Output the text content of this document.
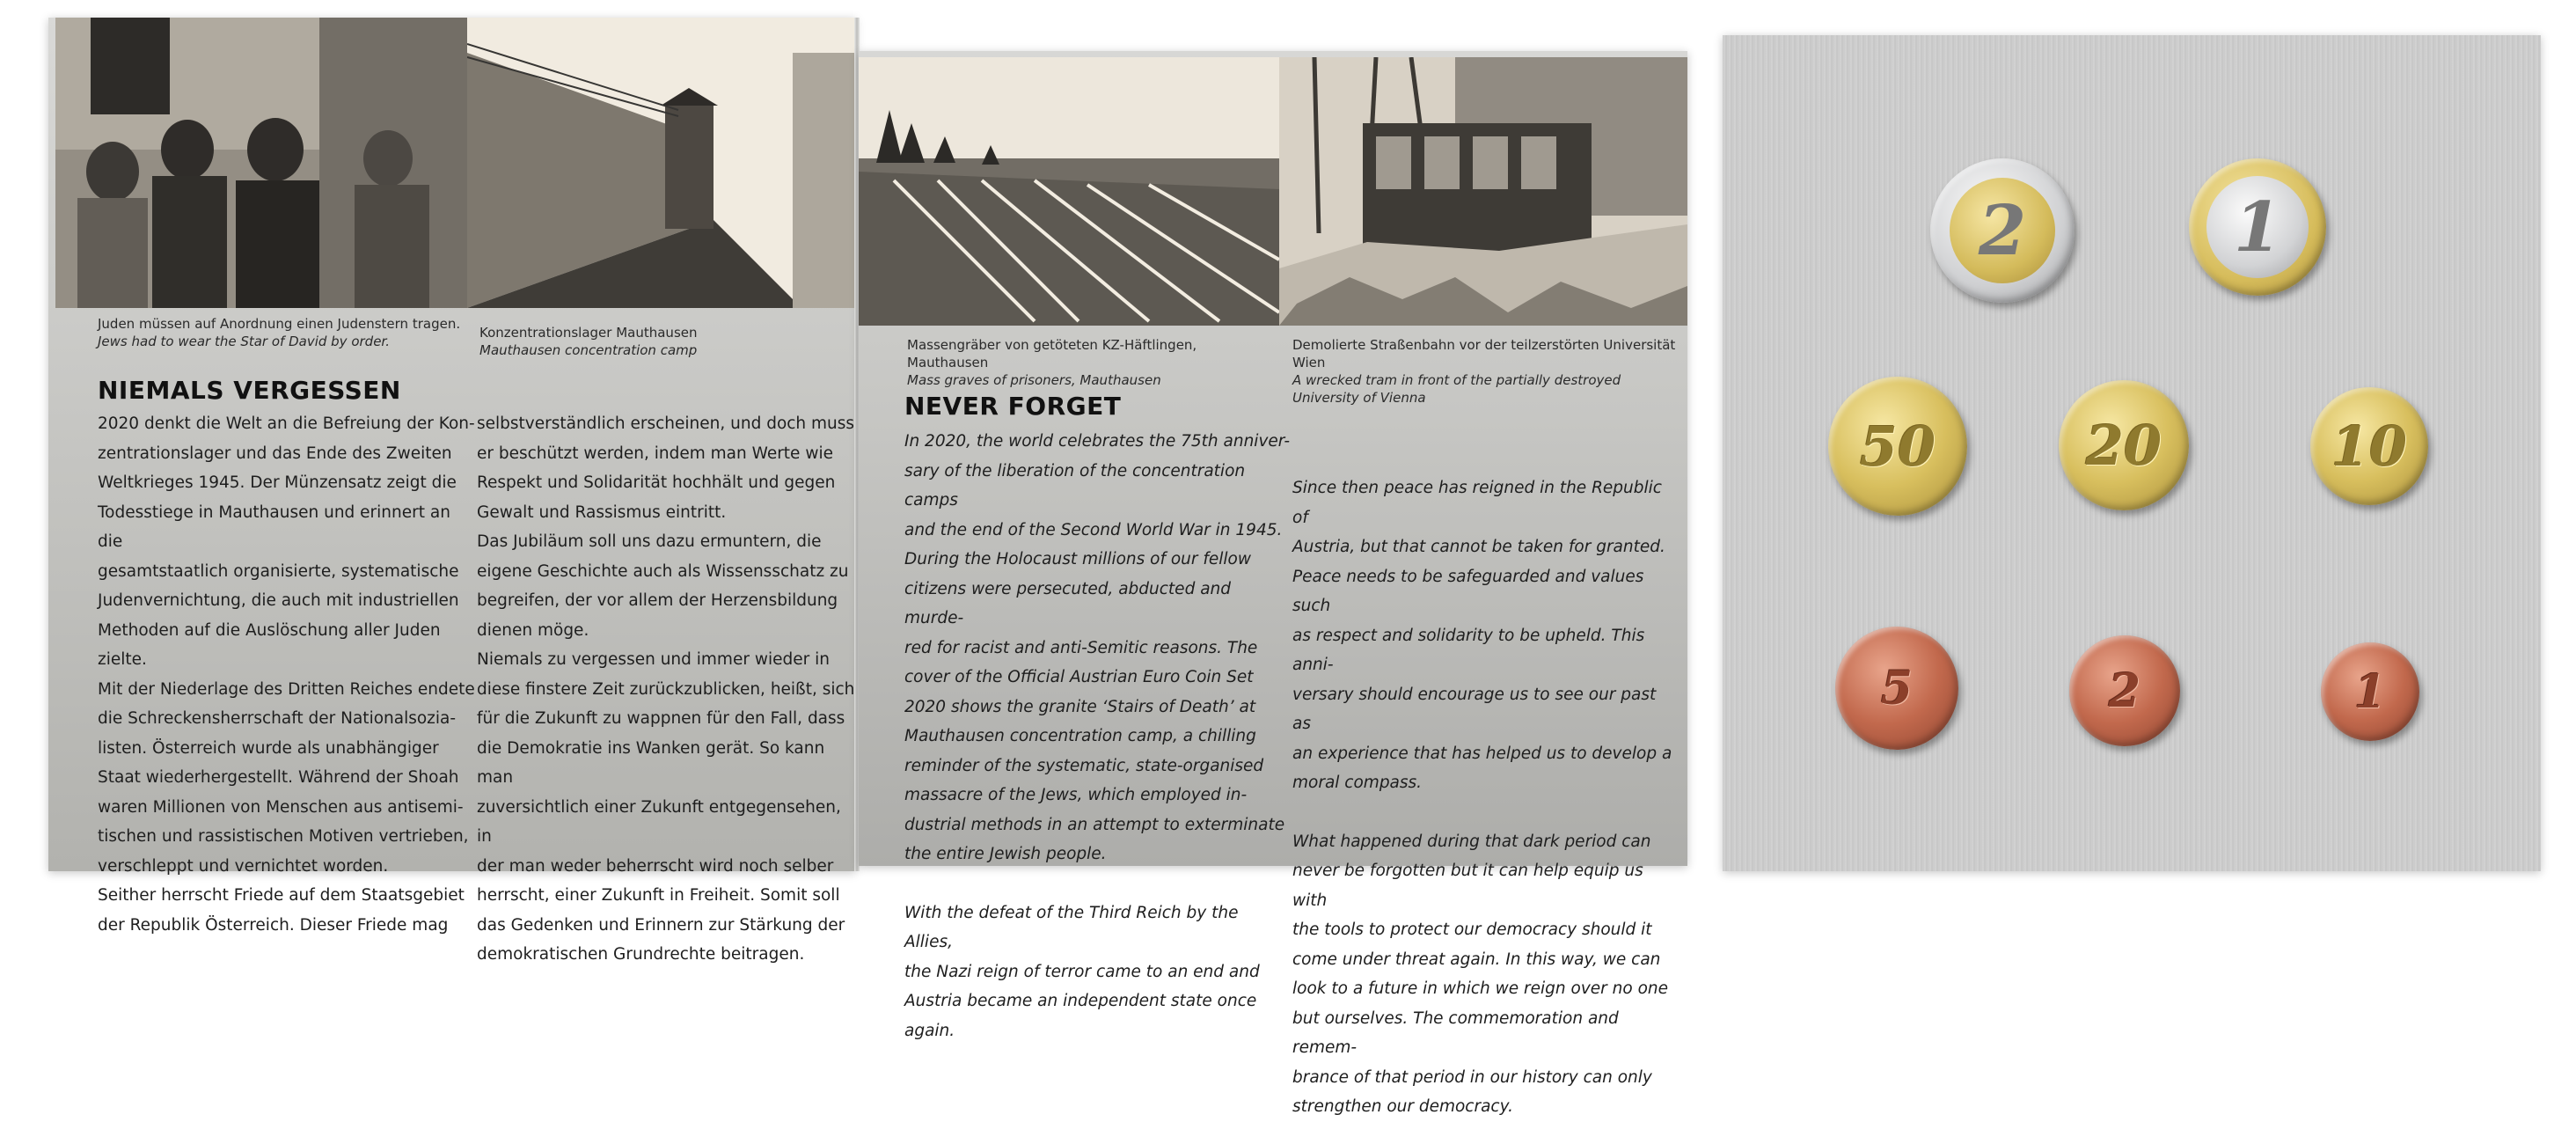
Juden müssen auf Anordnung einen Judenstern tragen.
Jews had to wear the Star of David by order.
Konzentrationslager Mauthausen
Mauthausen concentration camp
NIEMALS VERGESSEN

2020 denkt die Welt an die Befreiung der Kon-

zentrationslager und das Ende des Zweiten

Weltkrieges 1945. Der Münzensatz zeigt die

Todesstiege in Mauthausen und erinnert an die

gesamtstaatlich organisierte, systematische

Judenvernichtung, die auch mit industriellen

Methoden auf die Auslöschung aller Juden

zielte.

Mit der Niederlage des Dritten Reiches endete

die Schreckensherrschaft der Nationalsozia-

listen. Österreich wurde als unabhängiger

Staat wiederhergestellt. Während der Shoah

waren Millionen von Menschen aus antisemi-

tischen und rassistischen Motiven vertrieben,

verschleppt und vernichtet worden.

Seither herrscht Friede auf dem Staatsgebiet

der Republik Österreich. Dieser Friede mag

selbstverständlich erscheinen, und doch muss

er beschützt werden, indem man Werte wie

Respekt und Solidarität hochhält und gegen

Gewalt und Rassismus eintritt.

Das Jubiläum soll uns dazu ermuntern, die

eigene Geschichte auch als Wissensschatz zu

begreifen, der vor allem der Herzensbildung

dienen möge.

Niemals zu vergessen und immer wieder in

diese finstere Zeit zurückzublicken, heißt, sich

für die Zukunft zu wappnen für den Fall, dass

die Demokratie ins Wanken gerät. So kann man

zuversichtlich einer Zukunft entgegensehen, in

der man weder beherrscht wird noch selber

herrscht, einer Zukunft in Freiheit. Somit soll

das Gedenken und Erinnern zur Stärkung der

demokratischen Grundrechte beitragen.

Massengräber von getöteten KZ-Häftlingen, Mauthausen
Mass graves of prisoners, Mauthausen
Demolierte Straßenbahn vor der teilzerstörten Universität Wien
A wrecked tram in front of the partially destroyed University of Vienna
NEVER FORGET

In 2020, the world celebrates the 75th anniver-

sary of the liberation of the concentration camps

and the end of the Second World War in 1945.

During the Holocaust millions of our fellow

citizens were persecuted, abducted and murde-

red for racist and anti-Semitic reasons. The

cover of the Official Austrian Euro Coin Set

2020 shows the granite ‘Stairs of Death’ at

Mauthausen concentration camp, a chilling

reminder of the systematic, state-organised

massacre of the Jews, which employed in-

dustrial methods in an attempt to exterminate

the entire Jewish people.

With the defeat of the Third Reich by the Allies,

the Nazi reign of terror came to an end and

Austria became an independent state once again.

Since then peace has reigned in the Republic of

Austria, but that cannot be taken for granted.

Peace needs to be safeguarded and values such

as respect and solidarity to be upheld. This anni-

versary should encourage us to see our past as

an experience that has helped us to develop a

moral compass.

What happened during that dark period can

never be forgotten but it can help equip us with

the tools to protect our democracy should it

come under threat again. In this way, we can

look to a future in which we reign over no one

but ourselves. The commemoration and remem-

brance of that period in our history can only

strengthen our democracy.

2	1
50	20	10
5	2	1
